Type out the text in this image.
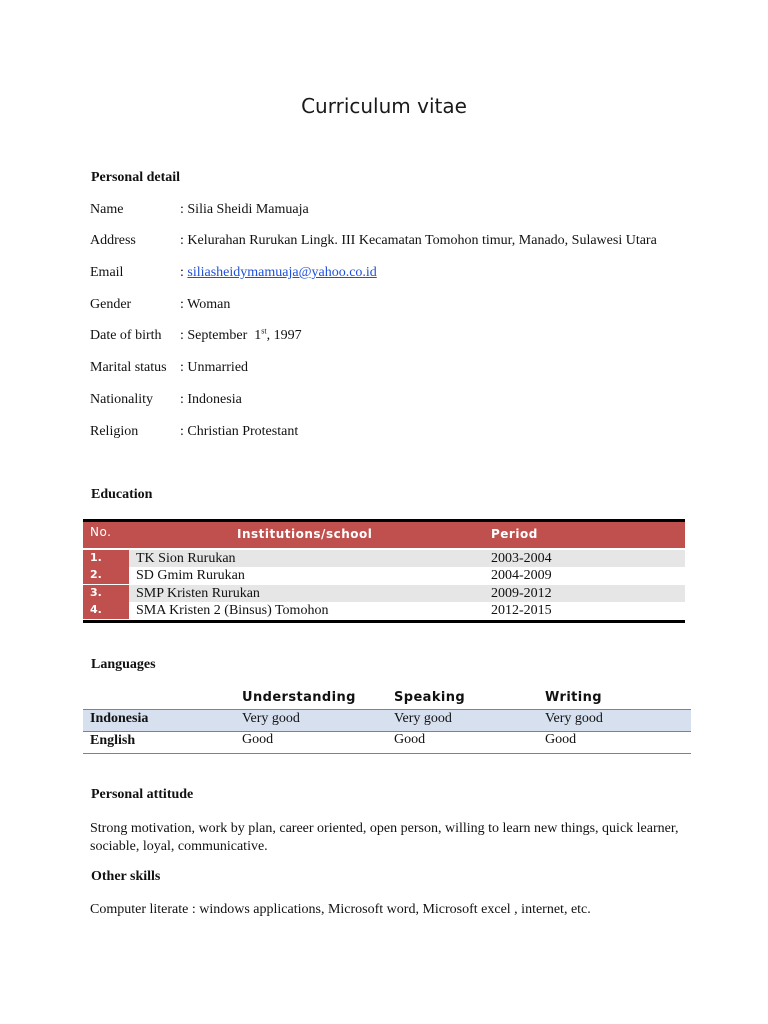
Curriculum vitae
Personal detail
Name	: Silia Sheidi Mamuaja
Address	: Kelurahan Rurukan Lingk. III Kecamatan Tomohon timur, Manado, Sulawesi Utara
Email	: siliasheidymamuaja@yahoo.co.id
Gender	: Woman
Date of birth : September  1st, 1997
Marital status : Unmarried
Nationality : Indonesia
Religion	: Christian Protestant
Education
No.	Institutions/school	Period
1. TK Sion Rurukan	2003-2004
2. SD Gmim Rurukan	2004-2009
3. SMP Kristen Rurukan	2009-2012
4. SMA Kristen 2 (Binsus) Tomohon	2012-2015
Languages
Understanding	Speaking	Writing
Indonesia	Very good	Very good	Very good
English	Good	Good	Good
Personal attitude
Strong motivation, work by plan, career oriented, open person, willing to learn new things, quick learner,
sociable, loyal, communicative.
Other skills
Computer literate : windows applications, Microsoft word, Microsoft excel , internet, etc.
